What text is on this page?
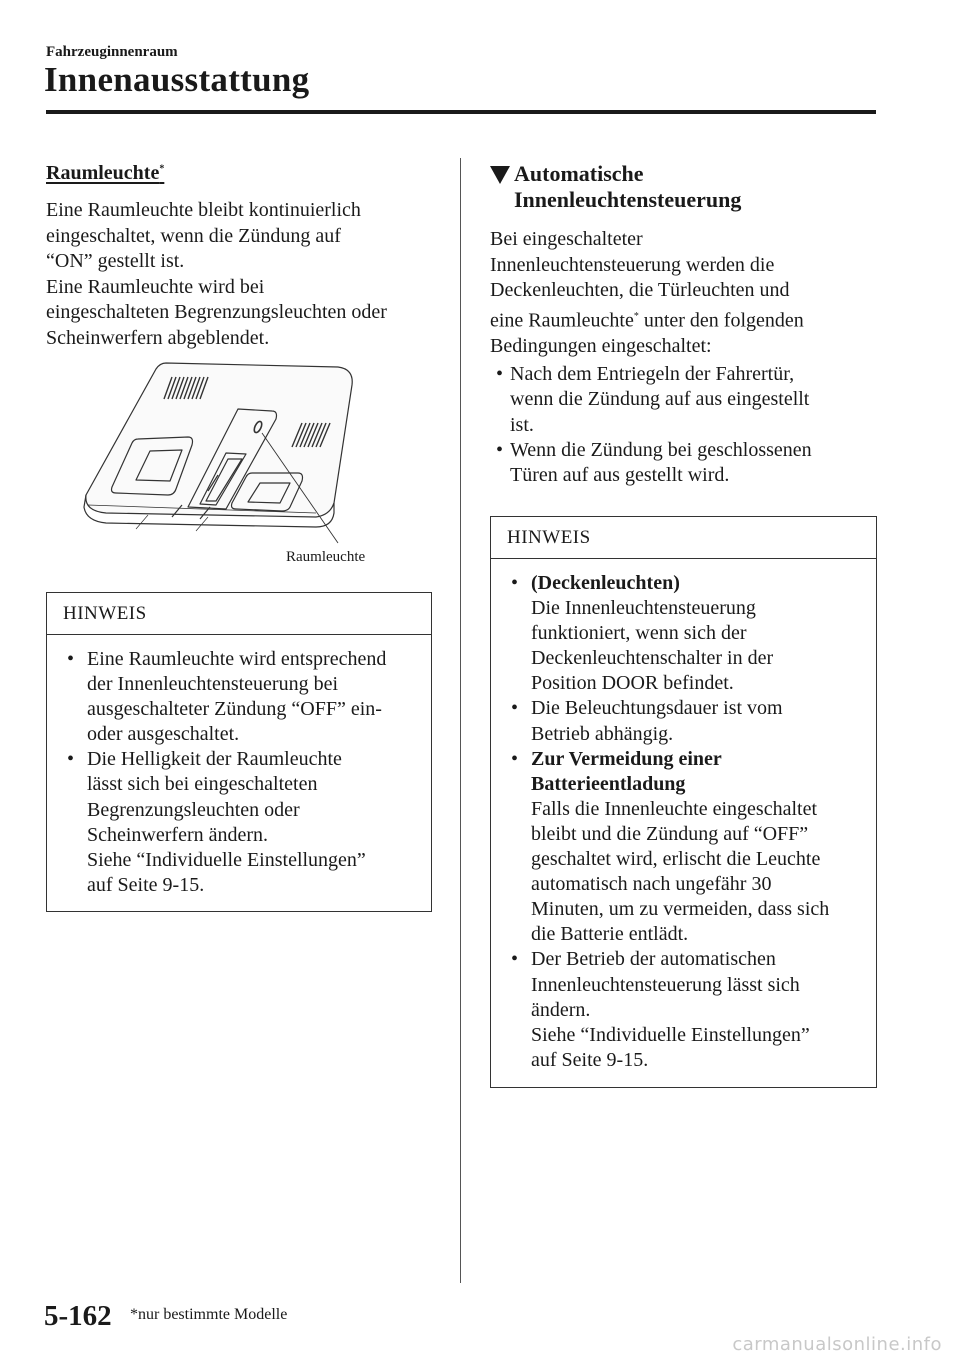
Fahrzeuginnenraum
Innenausstattung
Raumleuchte*
Eine Raumleuchte bleibt kontinuierlich
eingeschaltet, wenn die Zündung auf
“ON” gestellt ist.
Eine Raumleuchte wird bei
eingeschalteten Begrenzungsleuchten oder
Scheinwerfern abgeblendet.
Raumleuchte
HINWEIS
• Eine Raumleuchte wird entsprechend
der Innenleuchtensteuerung bei
ausgeschalteter Zündung “OFF” ein-
oder ausgeschaltet.
• Die Helligkeit der Raumleuchte
lässt sich bei eingeschalteten
Begrenzungsleuchten oder
Scheinwerfern ändern.
Siehe “Individuelle Einstellungen”
auf Seite 9-15.
Automatische
Innenleuchtensteuerung
Bei eingeschalteter
Innenleuchtensteuerung werden die
Deckenleuchten, die Türleuchten und
eine Raumleuchte* unter den folgenden
Bedingungen eingeschaltet:
• Nach dem Entriegeln der Fahrertür,
wenn die Zündung auf aus eingestellt
ist.
• Wenn die Zündung bei geschlossenen
Türen auf aus gestellt wird.
HINWEIS
• (Deckenleuchten)
Die Innenleuchtensteuerung
funktioniert, wenn sich der
Deckenleuchtenschalter in der
Position DOOR befindet.
• Die Beleuchtungsdauer ist vom
Betrieb abhängig.
• Zur Vermeidung einer Batterieentladung
Falls die Innenleuchte eingeschaltet
bleibt und die Zündung auf “OFF”
geschaltet wird, erlischt die Leuchte
automatisch nach ungefähr 30
Minuten, um zu vermeiden, dass sich
die Batterie entlädt.
• Der Betrieb der automatischen
Innenleuchtensteuerung lässt sich
ändern.
Siehe “Individuelle Einstellungen”
auf Seite 9-15.
5-162 *nur bestimmte Modelle
carmanualsonline.info
